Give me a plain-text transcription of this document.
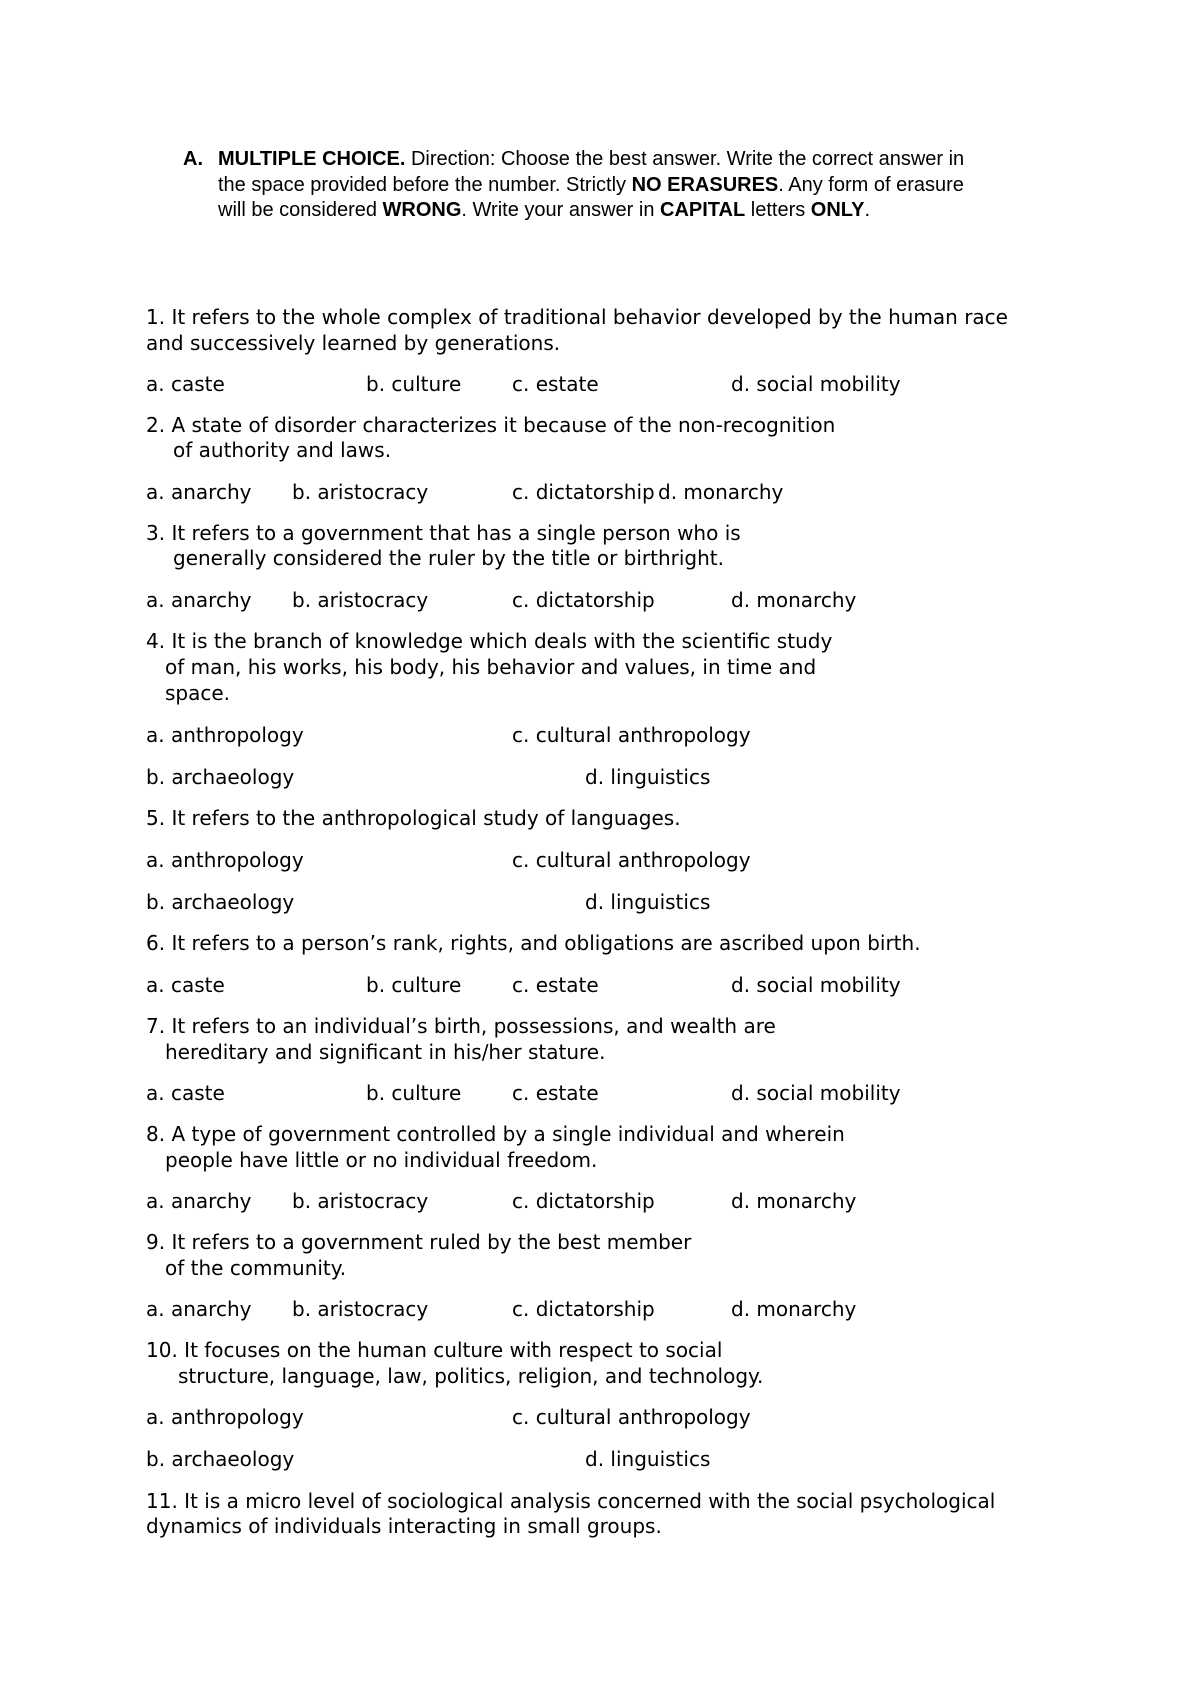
A. MULTIPLE CHOICE. Direction: Choose the best answer. Write the correct answer in
the space provided before the number. Strictly NO ERASURES. Any form of erasure
will be considered WRONG. Write your answer in CAPITAL letters ONLY.
1. It refers to the whole complex of traditional behavior developed by the human race
and successively learned by generations.
a. caste	b. culture	c. estate	d. social mobility
2. A state of disorder characterizes it because of the non-recognition
of authority and laws.
a. anarchy b. aristocracy	c. dictatorship d. monarchy
3. It refers to a government that has a single person who is
generally considered the ruler by the title or birthright.
a. anarchy b. aristocracy	c. dictatorship	d. monarchy
4. It is the branch of knowledge which deals with the scientific study
of man, his works, his body, his behavior and values, in time and
space.
a. anthropology	c. cultural anthropology
b. archaeology	d. linguistics
5. It refers to the anthropological study of languages.
a. anthropology	c. cultural anthropology
b. archaeology	d. linguistics
6. It refers to a person’s rank, rights, and obligations are ascribed upon birth.
a. caste	b. culture	c. estate	d. social mobility
7. It refers to an individual’s birth, possessions, and wealth are
hereditary and significant in his/her stature.
a. caste	b. culture	c. estate	d. social mobility
8. A type of government controlled by a single individual and wherein
people have little or no individual freedom.
a. anarchy b. aristocracy	c. dictatorship	d. monarchy
9. It refers to a government ruled by the best member
of the community.
a. anarchy b. aristocracy	c. dictatorship	d. monarchy
10. It focuses on the human culture with respect to social
structure, language, law, politics, religion, and technology.
a. anthropology	c. cultural anthropology
b. archaeology	d. linguistics
11. It is a micro level of sociological analysis concerned with the social psychological
dynamics of individuals interacting in small groups.
